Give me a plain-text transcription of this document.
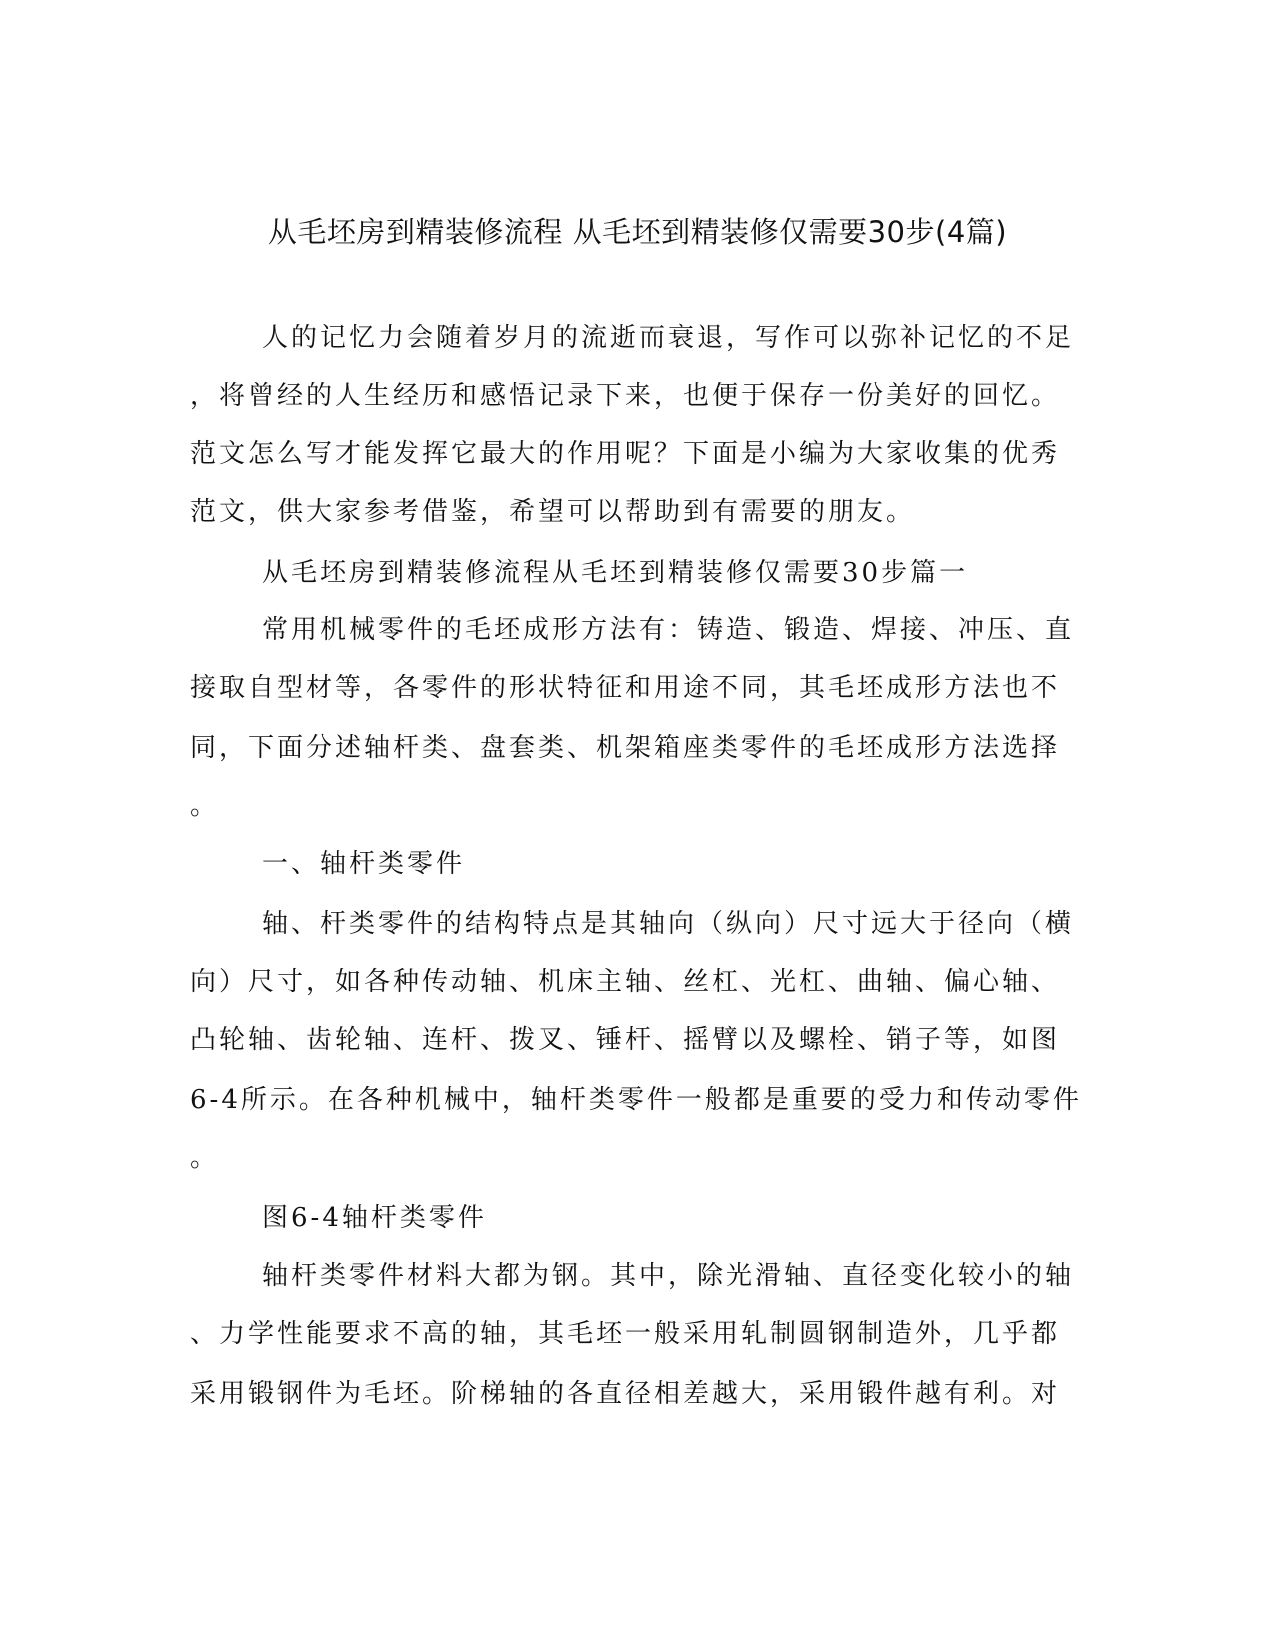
从毛坯房到精装修流程 从毛坯到精装修仅需要30步(4篇)
人的记忆力会随着岁月的流逝而衰退，写作可以弥补记忆的不足
，将曾经的人生经历和感悟记录下来，也便于保存一份美好的回忆。
范文怎么写才能发挥它最大的作用呢？下面是小编为大家收集的优秀
范文，供大家参考借鉴，希望可以帮助到有需要的朋友。
从毛坯房到精装修流程从毛坯到精装修仅需要30步篇一
常用机械零件的毛坯成形方法有：铸造、锻造、焊接、冲压、直
接取自型材等，各零件的形状特征和用途不同，其毛坯成形方法也不
同，下面分述轴杆类、盘套类、机架箱座类零件的毛坯成形方法选择
。
一、轴杆类零件
轴、杆类零件的结构特点是其轴向（纵向）尺寸远大于径向（横
向）尺寸，如各种传动轴、机床主轴、丝杠、光杠、曲轴、偏心轴、
凸轮轴、齿轮轴、连杆、拨叉、锤杆、摇臂以及螺栓、销子等，如图
6-4所示。在各种机械中，轴杆类零件一般都是重要的受力和传动零件
。
图6-4轴杆类零件
轴杆类零件材料大都为钢。其中，除光滑轴、直径变化较小的轴
、力学性能要求不高的轴，其毛坯一般采用轧制圆钢制造外，几乎都
采用锻钢件为毛坯。阶梯轴的各直径相差越大，采用锻件越有利。对
